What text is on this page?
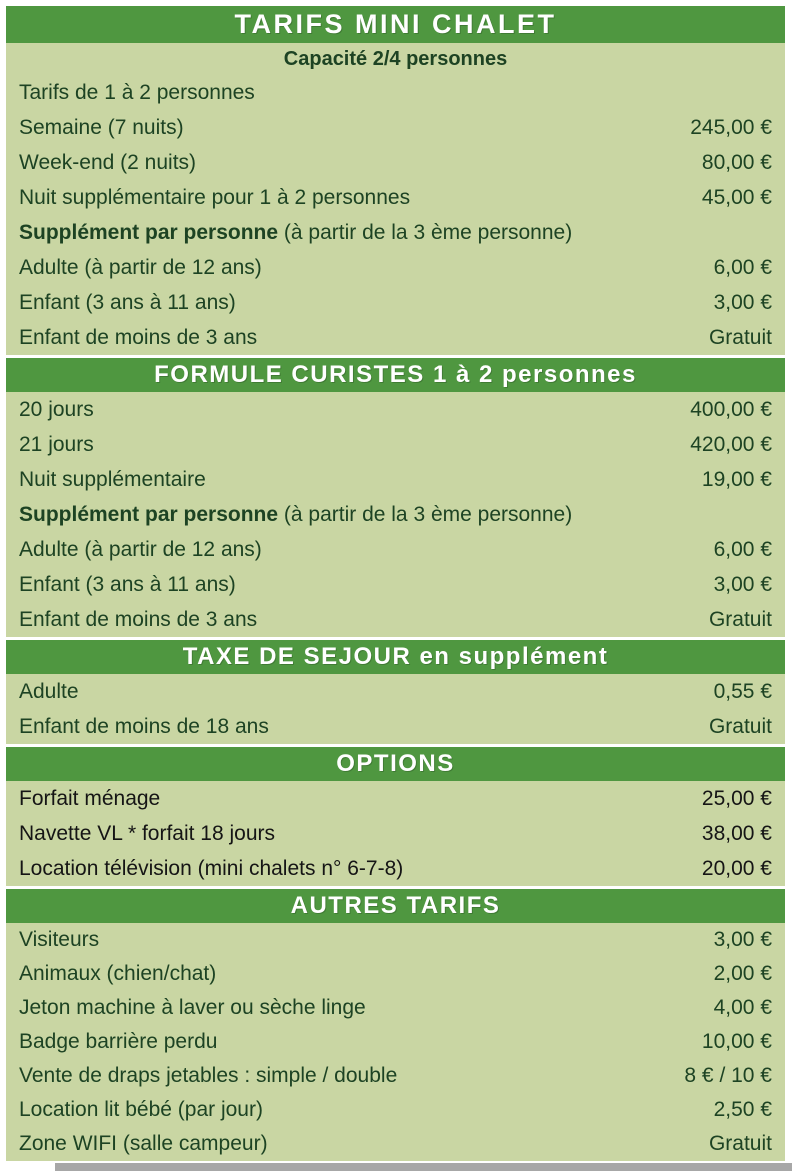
TARIFS MINI CHALET
Capacité 2/4 personnes
Tarifs de 1 à 2 personnes
Semaine (7 nuits)	245,00 €
Week-end (2 nuits)	80,00 €
Nuit supplémentaire pour 1 à 2 personnes	45,00 €
Supplément par personne (à partir de la 3 ème personne)
Adulte (à partir de 12 ans)	6,00 €
Enfant (3 ans à 11 ans)	3,00 €
Enfant de moins de 3 ans	Gratuit
FORMULE CURISTES 1 à 2 personnes
20 jours	400,00 €
21 jours	420,00 €
Nuit supplémentaire	19,00 €
Supplément par personne (à partir de la 3 ème personne)
Adulte (à partir de 12 ans)	6,00 €
Enfant (3 ans à 11 ans)	3,00 €
Enfant de moins de 3 ans	Gratuit
TAXE DE SEJOUR en supplément
Adulte	0,55 €
Enfant de moins de 18 ans	Gratuit
OPTIONS
Forfait ménage	25,00 €
Navette VL * forfait 18 jours	38,00 €
Location télévision (mini chalets n° 6-7-8)	20,00 €
AUTRES TARIFS
Visiteurs	3,00 €
Animaux (chien/chat)	2,00 €
Jeton machine à laver ou sèche linge	4,00 €
Badge barrière perdu	10,00 €
Vente de draps jetables : simple / double	8 € / 10 €
Location lit bébé (par jour)	2,50 €
Zone WIFI (salle campeur)	Gratuit
